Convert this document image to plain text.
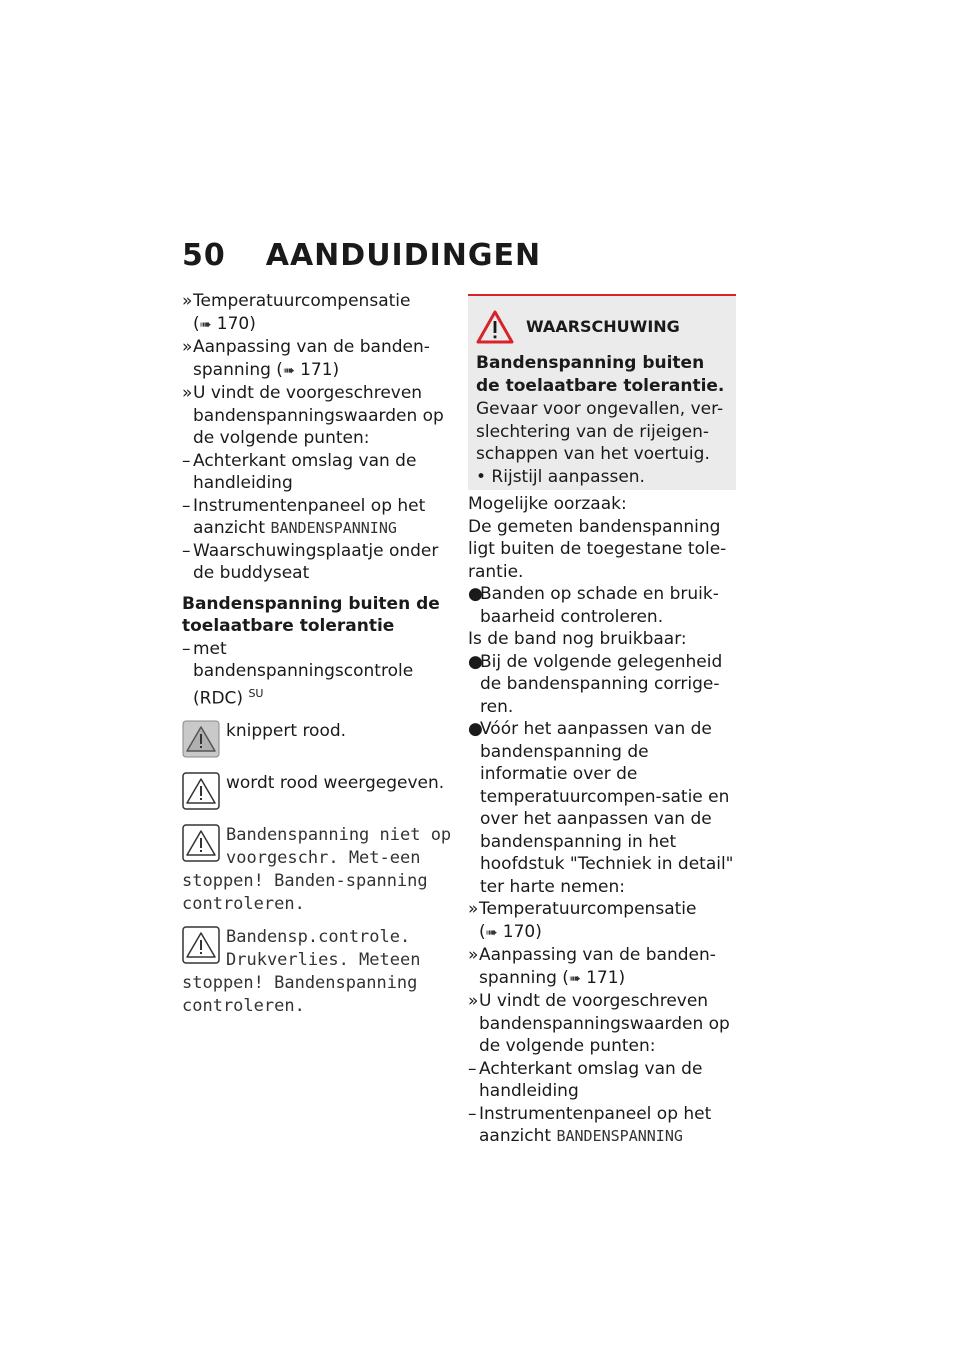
50 AANDUIDINGEN
» Temperatuurcompensatie
(➠ 170)
» Aanpassing van de banden-spanning (➠ 171)
» U vindt de voorgeschreven bandenspanningswaarden op de volgende punten:
– Achterkant omslag van de handleiding
– Instrumentenpaneel op het aanzicht BANDENSPANNING
– Waarschuwingsplaatje onder de buddyseat
Bandenspanning buiten de toelaatbare tolerantie
– met bandenspanningscontrole (RDC) $^{SU}$
knippert rood.
wordt rood weergegeven.
Bandenspanning niet op voorgeschr. Met-een stoppen! Banden-spanning controleren.
Bandensp.controle. Drukverlies. Meteen stoppen! Bandenspanning controleren.
WAARSCHUWING
Bandenspanning buiten de toelaatbare tolerantie.
Gevaar voor ongevallen, ver-slechtering van de rijeigen-schappen van het voertuig.
• Rijstijl aanpassen.

Mogelijke oorzaak:

De gemeten bandenspanning ligt buiten de toegestane tole-rantie.

●
Banden op schade en bruik-baarheid controleren.

Is de band nog bruikbaar:

●
Bij de volgende gelegenheid de bandenspanning corrige-ren.
●
Vóór het aanpassen van de bandenspanning de informatie over de temperatuurcompen-satie en over het aanpassen van de bandenspanning in het hoofdstuk "Techniek in detail" ter harte nemen:
» Temperatuurcompensatie
(➠ 170)
» Aanpassing van de banden-spanning (➠ 171)
» U vindt de voorgeschreven bandenspanningswaarden op de volgende punten:
– Achterkant omslag van de handleiding
– Instrumentenpaneel op het aanzicht BANDENSPANNING
